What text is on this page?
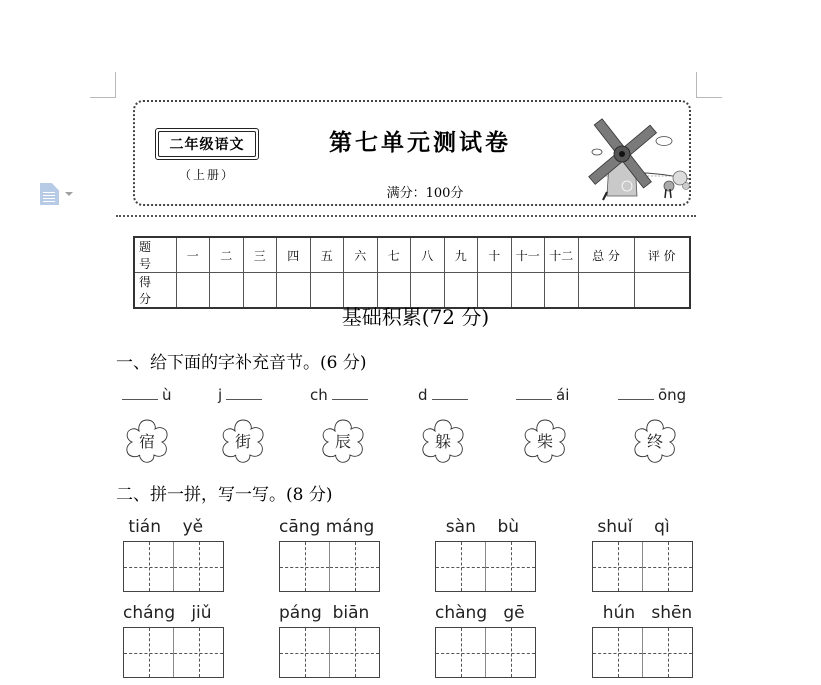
二年级语文
（上册）
第七单元测试卷
满分：100分
题 号	一	二	三	四	五	六	七	八	九	十	十一	十二	总 分	评 价
得 分														
基础积累(72 分)
一、给下面的字补充音节。(6 分)
ù
宿
j
街
ch
辰
d
躲
ái
柴
ōng
终
二、拼一拼，写一写。(8 分)
tián    yě	cāng máng	sàn    bù	shuǐ    qì
cháng   jiǔ	páng  biān	chàng   gē	hún   shēn
